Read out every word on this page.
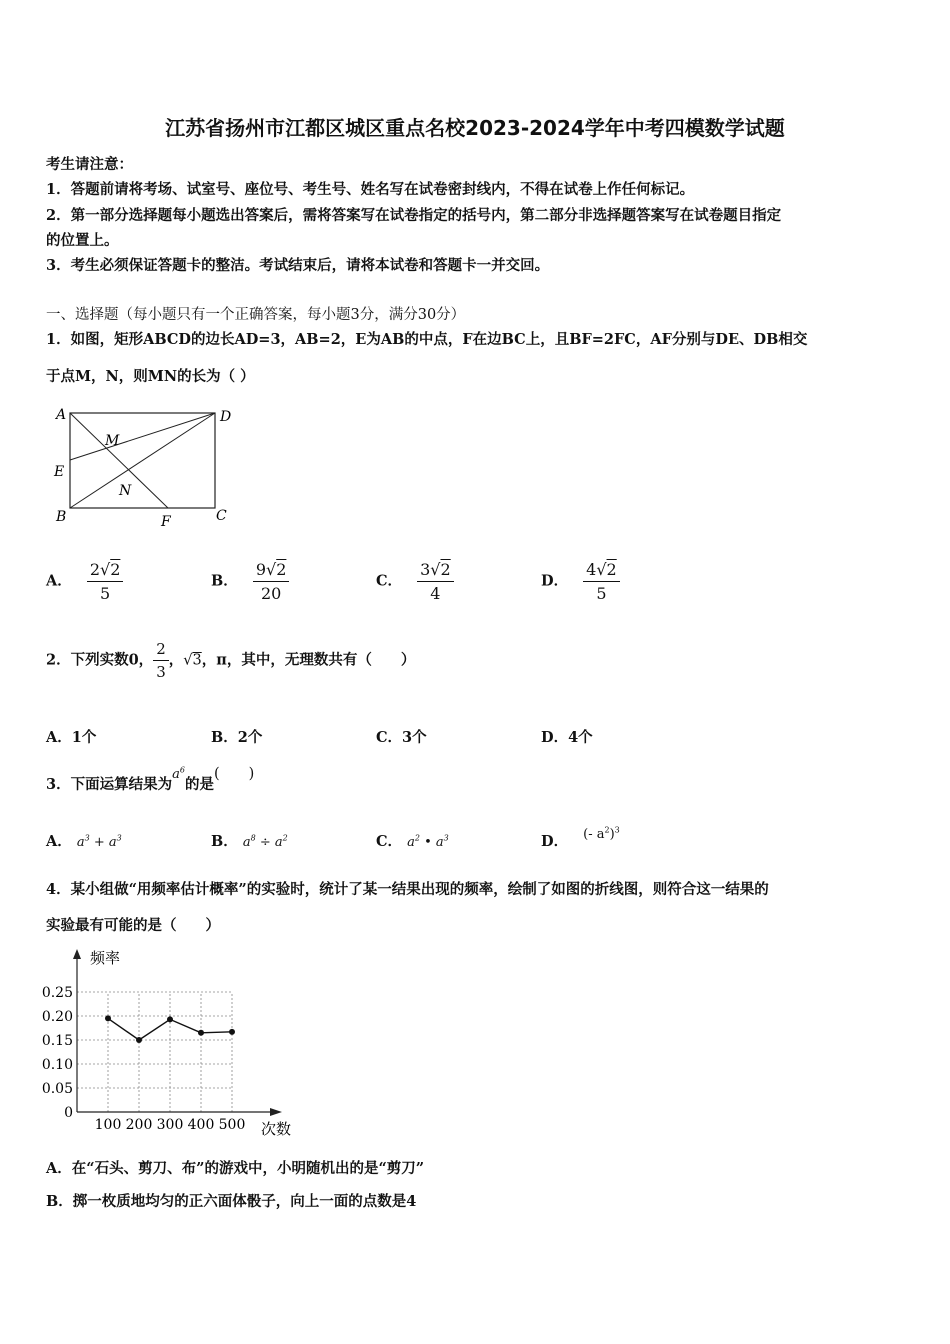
江苏省扬州市江都区城区重点名校2023-2024学年中考四模数学试题
考生请注意：
1．答题前请将考场、试室号、座位号、考生号、姓名写在试卷密封线内，不得在试卷上作任何标记。
2．第一部分选择题每小题选出答案后，需将答案写在试卷指定的括号内，第二部分非选择题答案写在试卷题目指定
的位置上。
3．考生必须保证答题卡的整洁。考试结束后，请将本试卷和答题卡一并交回。
一、选择题（每小题只有一个正确答案，每小题3分，满分30分）
1．如图，矩形ABCD的边长AD=3，AB=2，E为AB的中点，F在边BC上，且BF=2FC，AF分别与DE、DB相交
于点M，N，则MN的长为（ ）
A	D
E
B	C
F
M
N
A． $\frac{2√2}{5}$	B． $\frac{9√2}{20}$	C． $\frac{3√2}{4}$	D． $\frac{4√2}{5}$
2．下列实数0， $\frac{2}{3}$ ，√3，π，其中，无理数共有（　　）
A．1个	B．2个	C．3个	D．4个
3．下面运算结果为$a^6$的是(　　)
A． $a^3 + a^3$	B． $a^8 \div a^2$	C． $a^2$ • $a^3$	D． (- $a^2)^3$
4．某小组做“用频率估计概率”的实验时，统计了某一结果出现的频率，绘制了如图的折线图，则符合这一结果的
实验最有可能的是（　　）
0
0.05
0.10
0.15
0.20
0.25
100 200 300 400 500
频率
次数
A．在“石头、剪刀、布”的游戏中，小明随机出的是“剪刀”
B．掷一枚质地均匀的正六面体骰子，向上一面的点数是4
